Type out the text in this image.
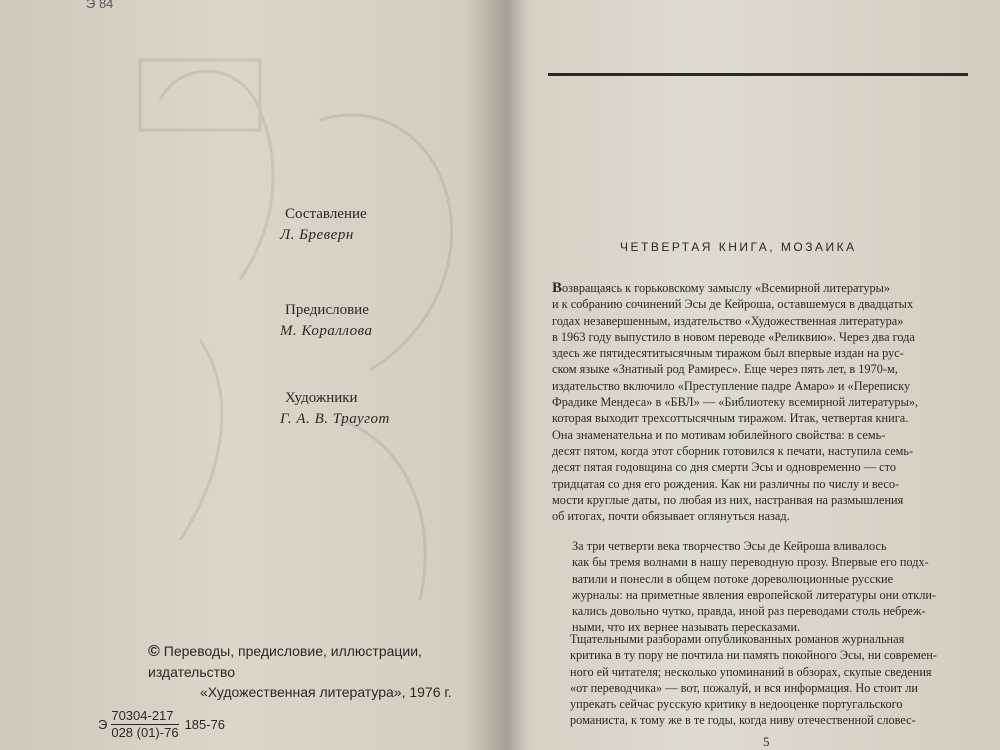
Э 84
Составление
Л. Бреверн
Предисловие
М. Кораллова
Художники
Г. А. В. Траугот
© Переводы, предисловие, иллюстрации, издательство
«Художественная литература», 1976 г.
Э $\frac{70304-217}{028 (01)-76} 185-76$
ЧЕТВЕРТАЯ КНИГА, МОЗАИКА
Возвращаясь к горьковскому замыслу «Всемирной литературы»
и к собранию сочинений Эсы де Кейроша, оставшемуся в двадцатых
годах незавершенным, издательство «Художественная литература»
в 1963 году выпустило в новом переводе «Реликвию». Через два года
здесь же пятидесятитысячным тиражом был впервые издан на рус-
ском языке «Знатный род Рамирес». Еще через пять лет, в 1970-м,
издательство включило «Преступление падре Амаро» и «Переписку
Фрадике Мендеса» в «БВЛ» — «Библиотеку всемирной литературы»,
которая выходит трехсоттысячным тиражом. Итак, четвертая книга.
Она знаменательна и по мотивам юбилейного свойства: в семь-
десят пятом, когда этот сборник готовился к печати, наступила семь-
десят пятая годовщина со дня смерти Эсы и одновременно — сто
тридцатая со дня его рождения. Как ни различны по числу и весо-
мости круглые даты, по любая из них, настранвая на размышления
об итогах, почти обязывает оглянуться назад.
За три четверти века творчество Эсы де Кейроша вливалось
как бы тремя волнами в нашу переводную прозу. Впервые его подх-
ватили и понесли в общем потоке дореволюционные русские
журналы: на приметные явления европейской литературы они откли-
кались довольно чутко, правда, иной раз переводами столь небреж-
ными, что их вернее называть пересказами.
Тщательными разборами опубликованных романов журнальная
критика в ту пору не почтила ни память покойного Эсы, ни современ-
ного ей читателя; несколько упоминаний в обзорах, скупые сведения
«от переводчика» — вот, пожалуй, и вся информация. Но стоит ли
упрекать сейчас русскую критику в недооценке португальского
романиста, к тому же в те годы, когда ниву отечественной словес-
5
